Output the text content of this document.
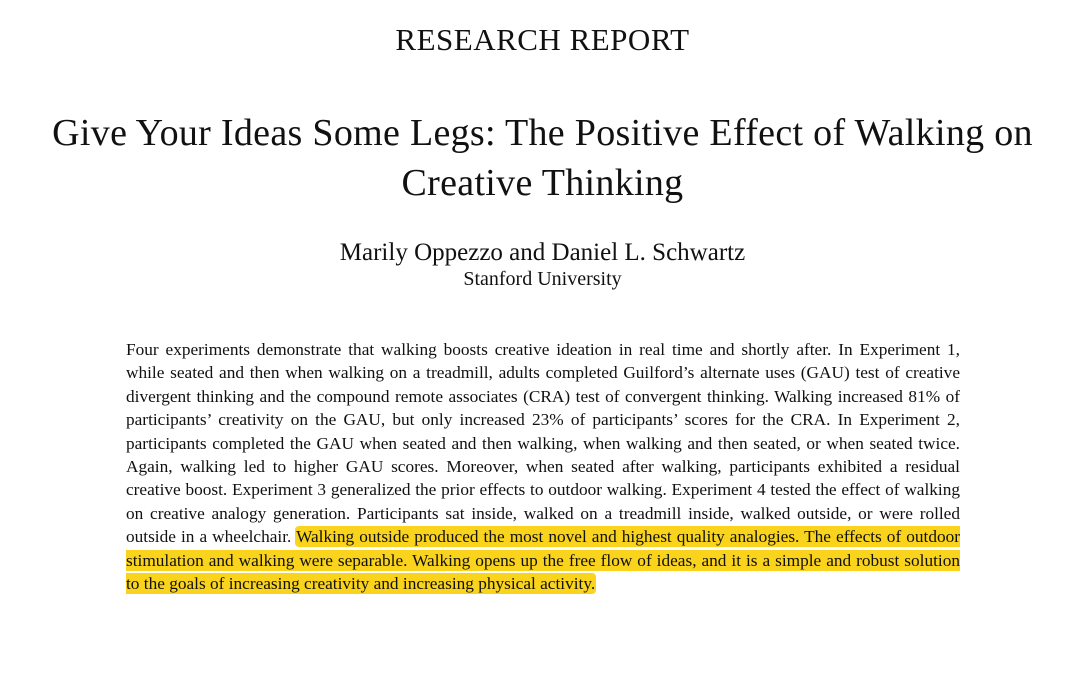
RESEARCH REPORT
Give Your Ideas Some Legs: The Positive Effect of Walking on Creative Thinking
Marily Oppezzo and Daniel L. Schwartz
Stanford University
Four experiments demonstrate that walking boosts creative ideation in real time and shortly after. In Experiment 1, while seated and then when walking on a treadmill, adults completed Guilford’s alternate uses (GAU) test of creative divergent thinking and the compound remote associates (CRA) test of convergent thinking. Walking increased 81% of participants’ creativity on the GAU, but only increased 23% of participants’ scores for the CRA. In Experiment 2, participants completed the GAU when seated and then walking, when walking and then seated, or when seated twice. Again, walking led to higher GAU scores. Moreover, when seated after walking, participants exhibited a residual creative boost. Experiment 3 generalized the prior effects to outdoor walking. Experiment 4 tested the effect of walking on creative analogy generation. Participants sat inside, walked on a treadmill inside, walked outside, or were rolled outside in a wheelchair. Walking outside produced the most novel and highest quality analogies. The effects of outdoor stimulation and walking were separable. Walking opens up the free flow of ideas, and it is a simple and robust solution to the goals of increasing creativity and increasing physical activity.
